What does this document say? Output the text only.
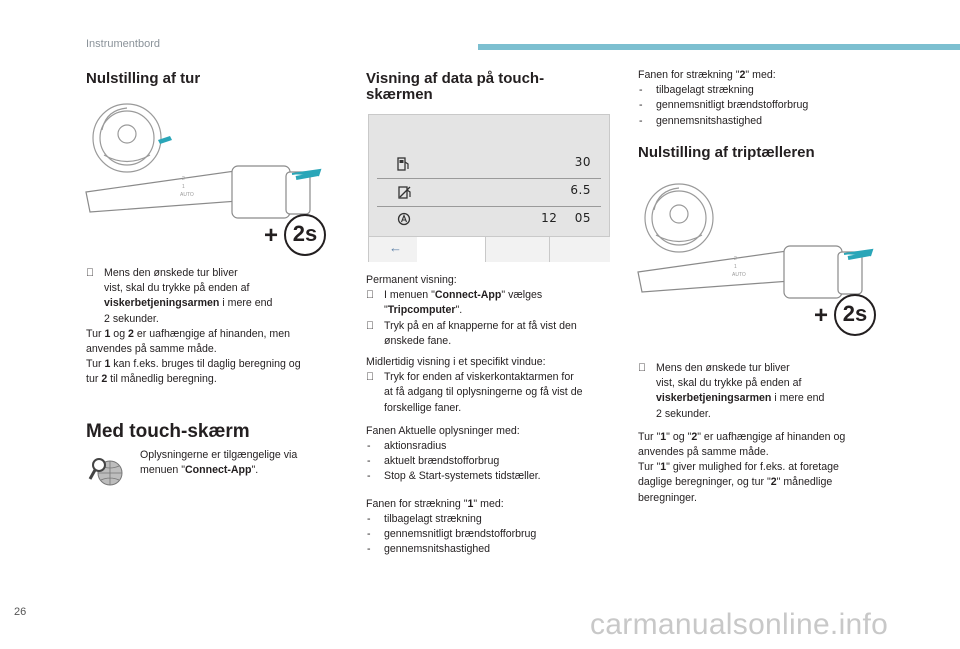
Instrumentbord
Nulstilling af tur
2
1
AUTO
+ 2s
Mens den ønskede tur bliver
vist, skal du trykke på enden af
viskerbetjeningsarmen i mere end
2 sekunder.
Tur 1 og 2 er uafhængige af hinanden, men
anvendes på samme måde.
Tur 1 kan f.eks. bruges til daglig beregning og
tur 2 til månedlig beregning.
Med touch-skærm
Oplysningerne er tilgængelige via
menuen "Connect-App".
Visning af data på touch-
skærmen
30
6.5
12 05
←
Permanent visning:
I menuen "Connect-App" vælges
"Tripcomputer".
Tryk på en af knapperne for at få vist den
ønskede fane.
Midlertidig visning i et specifikt vindue:
Tryk for enden af viskerkontaktarmen for
at få adgang til oplysningerne og få vist de
forskellige faner.
Fanen Aktuelle oplysninger med:
- aktionsradius
- aktuelt brændstofforbrug
- Stop & Start-systemets tidstæller.
Fanen for strækning "1" med:
- tilbagelagt strækning
- gennemsnitligt brændstofforbrug
- gennemsnitshastighed
Fanen for strækning "2" med:
- tilbagelagt strækning
- gennemsnitligt brændstofforbrug
- gennemsnitshastighed
Nulstilling af triptælleren
2
1
AUTO
+ 2s
Mens den ønskede tur bliver
vist, skal du trykke på enden af
viskerbetjeningsarmen i mere end
2 sekunder.
Tur "1" og "2" er uafhængige af hinanden og
anvendes på samme måde.
Tur "1" giver mulighed for f.eks. at foretage
daglige beregninger, og tur "2" månedlige
beregninger.
26	carmanualsonline.info
